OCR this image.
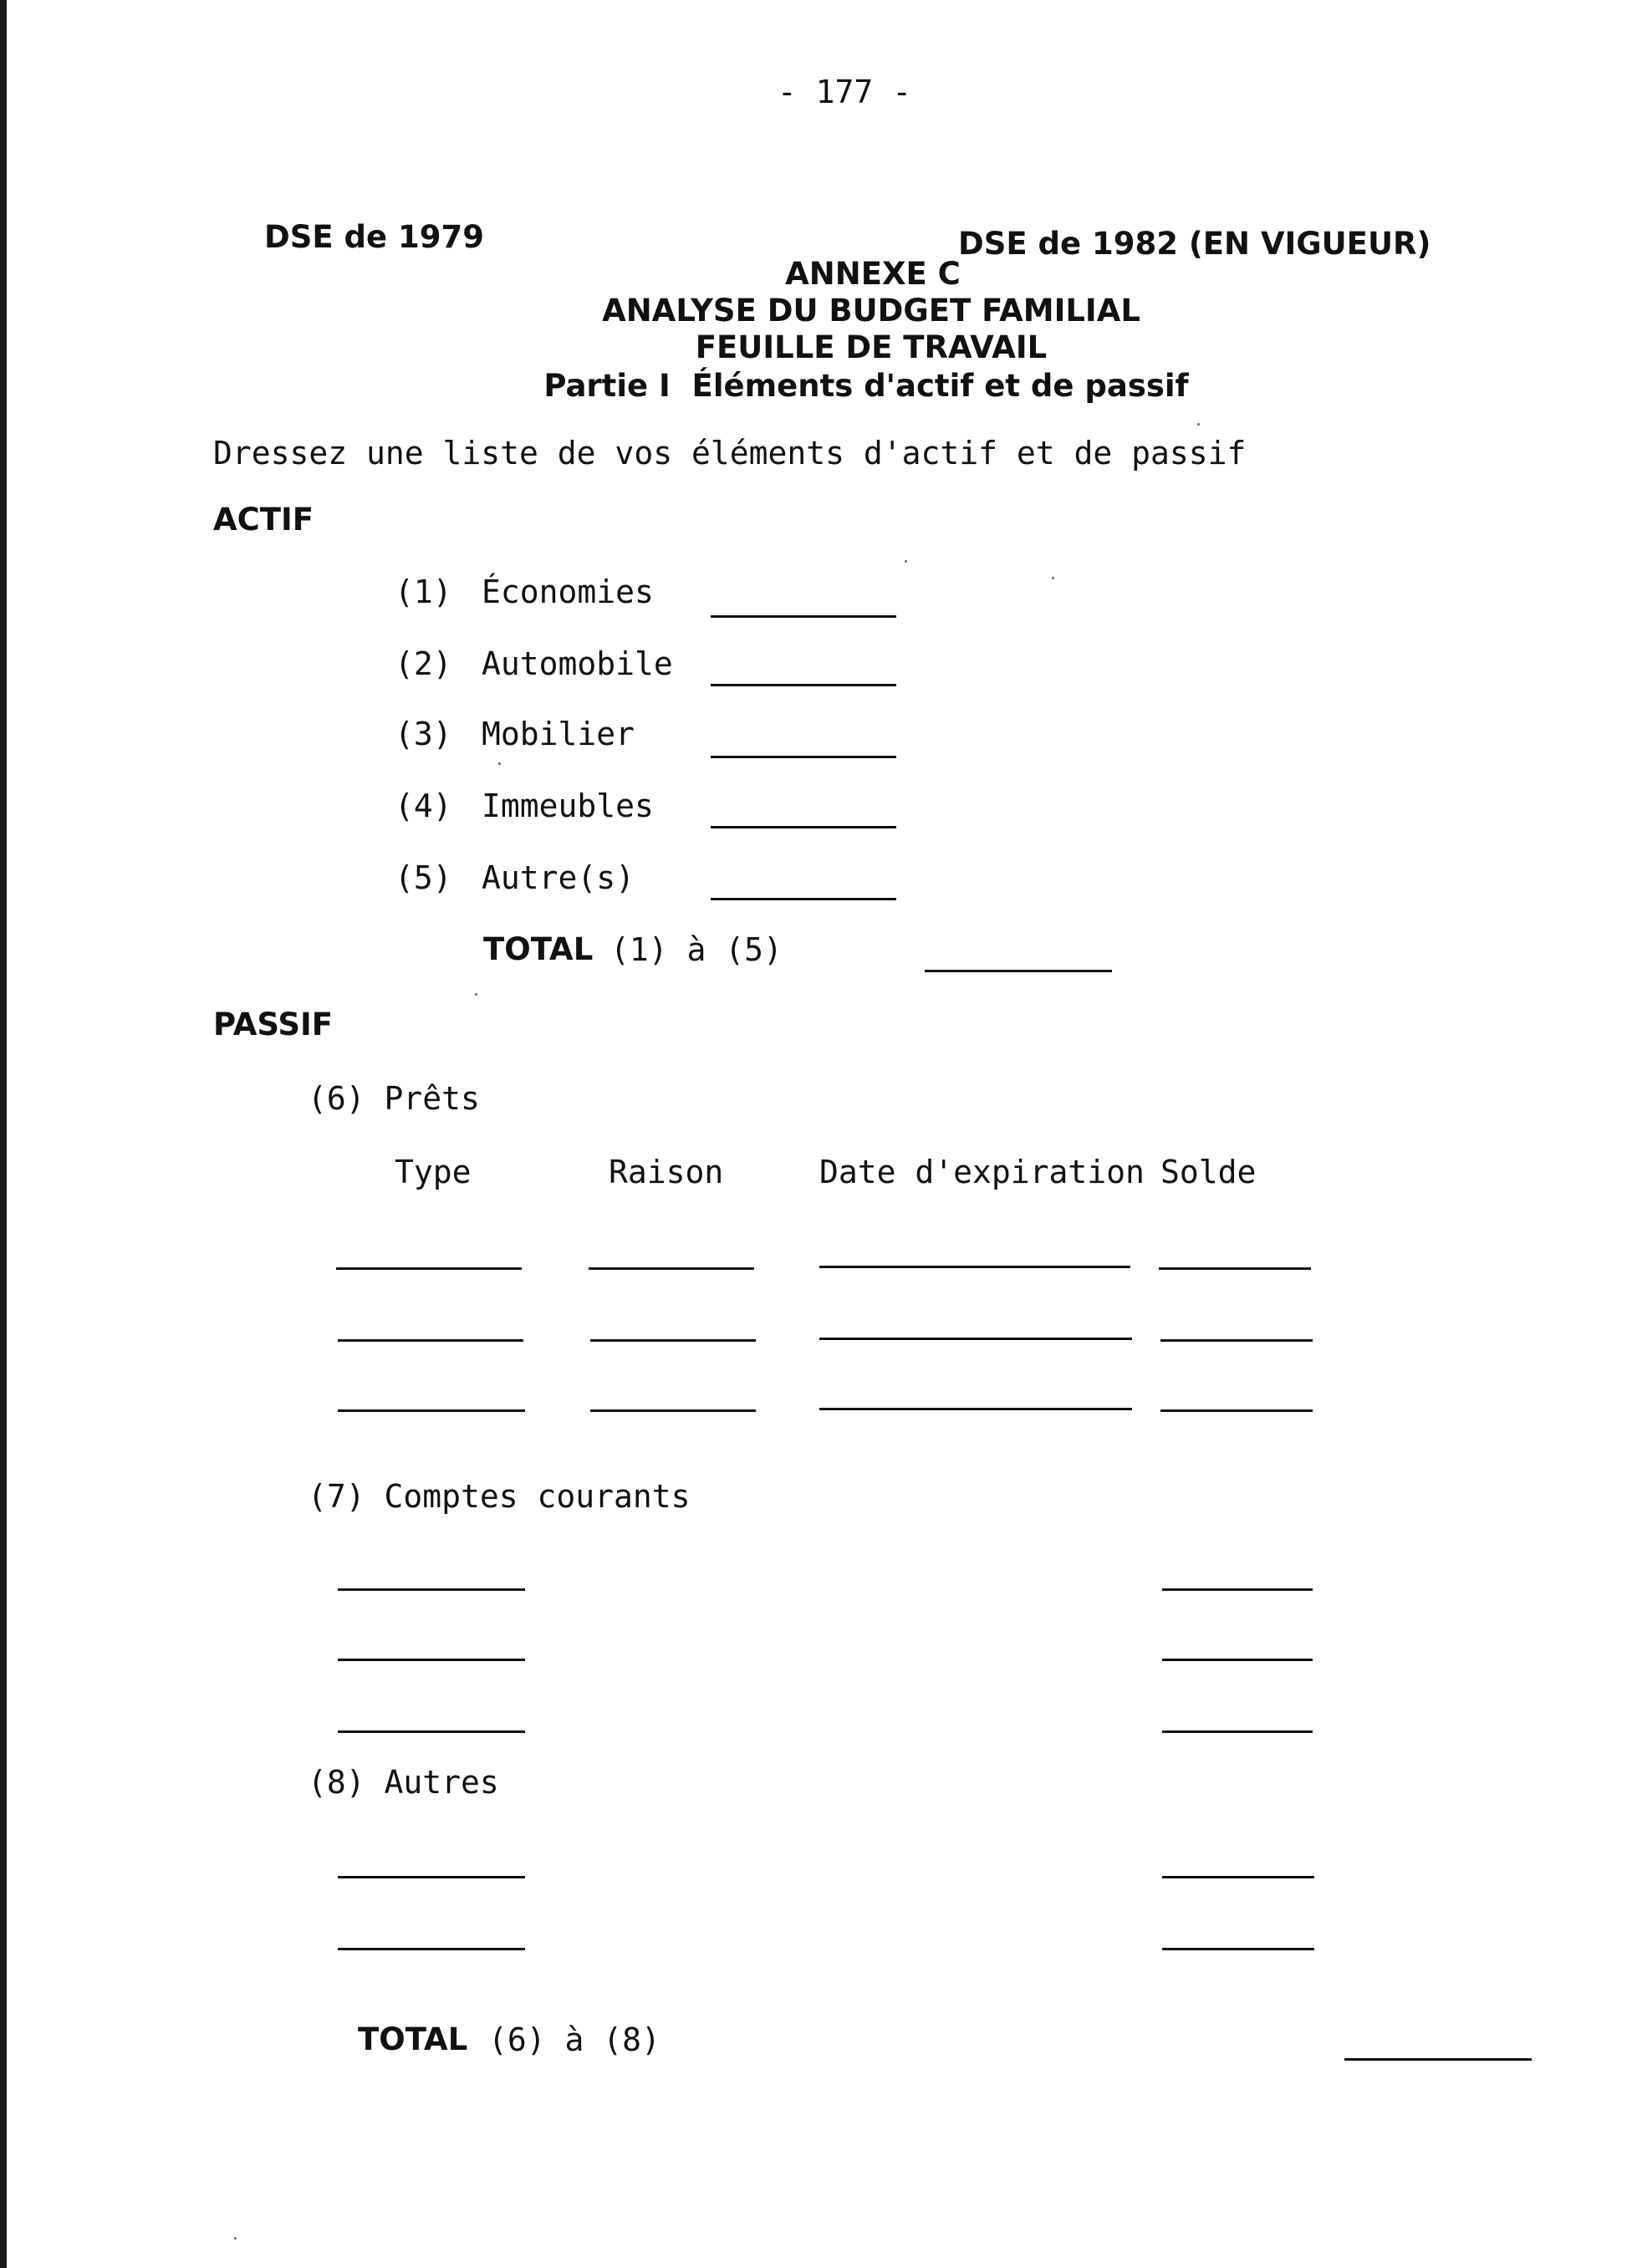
- 177 -
DSE de 1979	DSE de 1982 (EN VIGUEUR)
ANNEXE C
ANALYSE DU BUDGET FAMILIAL
FEUILLE DE TRAVAIL
Partie I  Éléments d'actif et de passif
Dressez une liste de vos éléments d'actif et de passif
ACTIF
(1) Économies
(2) Automobile
(3) Mobilier
(4) Immeubles
(5) Autre(s)
TOTAL (1) à (5)
PASSIF
(6) Prêts
Type	Raison	Date d'expiration Solde
(7) Comptes courants
(8) Autres
TOTAL (6) à (8)
